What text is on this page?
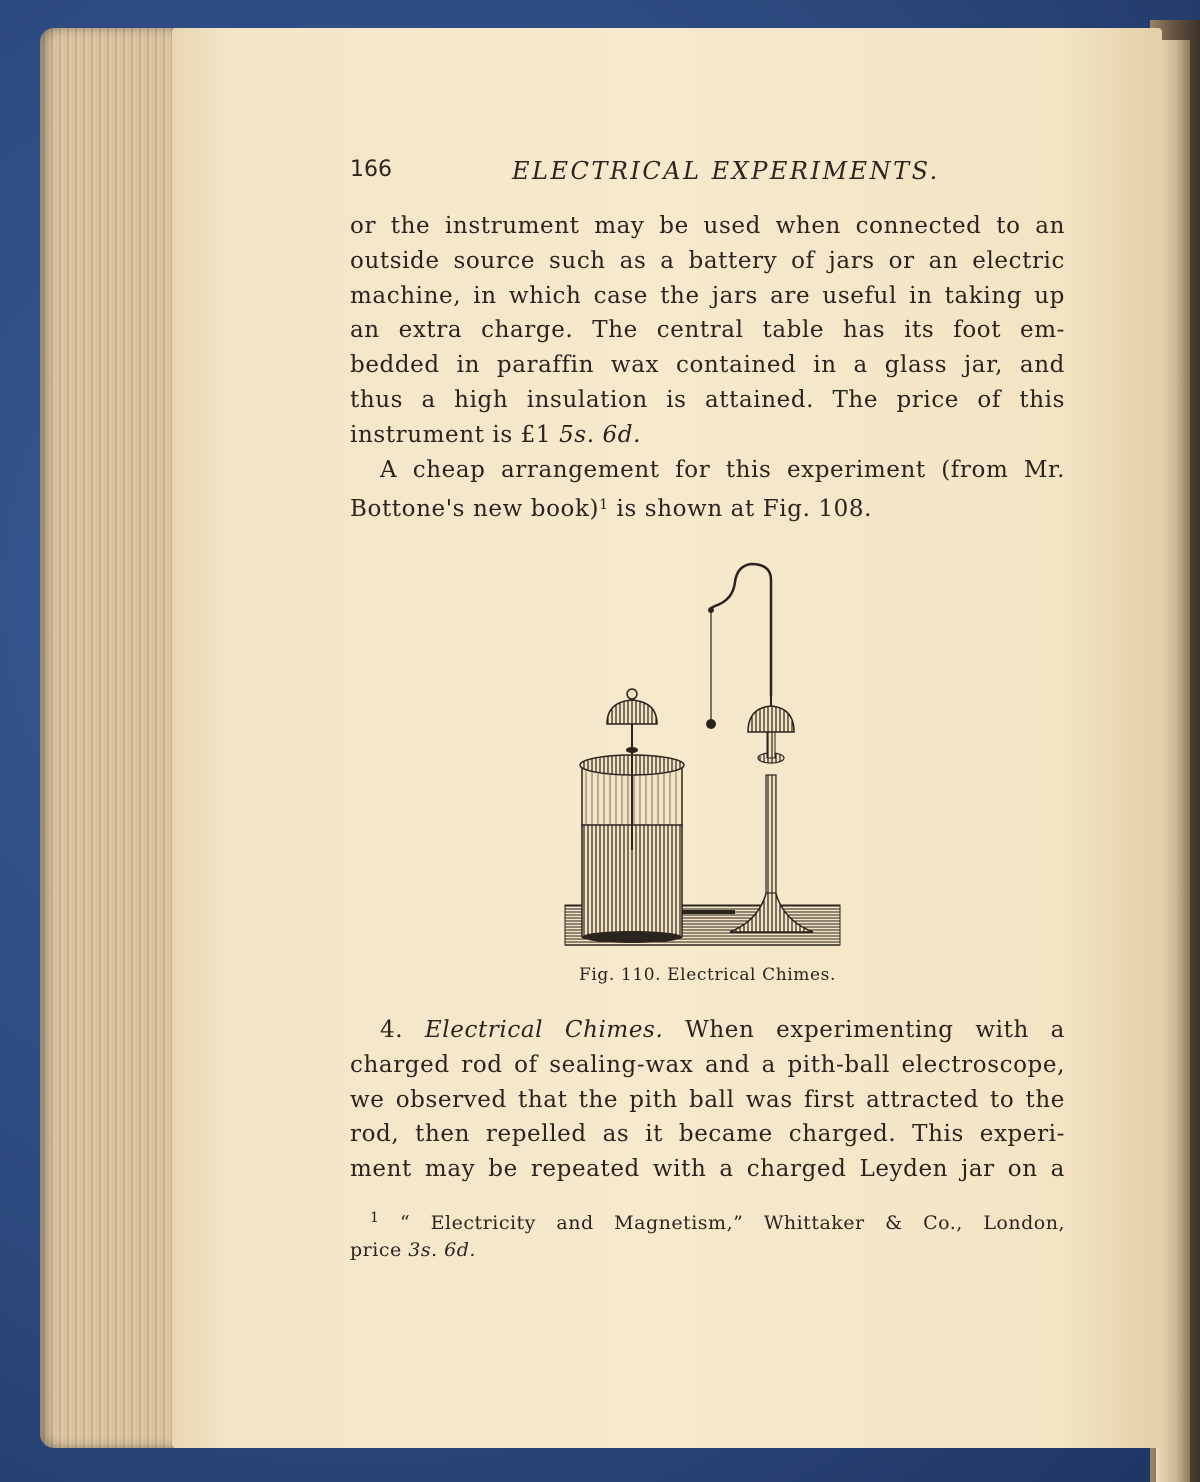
166	ELECTRICAL EXPERIMENTS.

or the instrument may be used when connected to an
outside source such as a battery of jars or an electric
machine, in which case the jars are useful in taking up
an extra charge. The central table has its foot em-
bedded in paraffin wax contained in a glass jar, and
thus a high insulation is attained. The price of this
instrument is £1 5s. 6d.

A cheap arrangement for this experiment (from Mr.
Bottone's new book)$^1$ is shown at Fig. 108.

Fig. 110. Electrical Chimes.

4. Electrical Chimes. When experimenting with a
charged rod of sealing-wax and a pith-ball electroscope,
we observed that the pith ball was first attracted to the
rod, then repelled as it became charged. This experi-
ment may be repeated with a charged Leyden jar on a

$^1$ “ Electricity and Magnetism,” Whittaker & Co., London,
price 3s. 6d.
